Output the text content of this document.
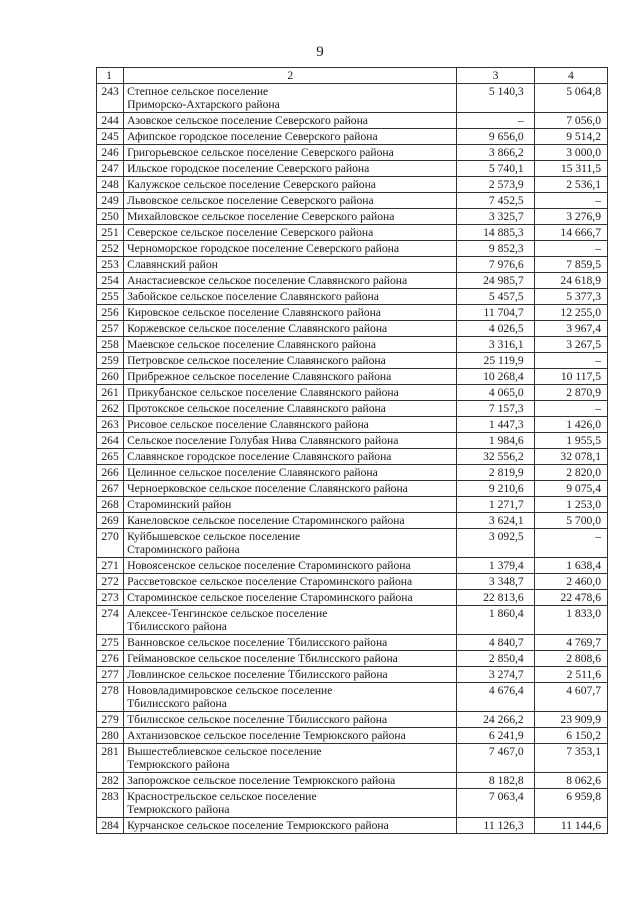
9
1	2	3	4
243	Степное сельское поселение
Приморско-Ахтарского района	5 140,3	5 064,8
244	Азовское сельское поселение Северского района	–	7 056,0
245	Афипское городское поселение Северского района	9 656,0	9 514,2
246	Григорьевское сельское поселение Северского района	3 866,2	3 000,0
247	Ильское городское поселение Северского района	5 740,1	15 311,5
248	Калужское сельское поселение Северского района	2 573,9	2 536,1
249	Львовское сельское поселение Северского района	7 452,5	–
250	Михайловское сельское поселение Северского района	3 325,7	3 276,9
251	Северское сельское поселение Северского района	14 885,3	14 666,7
252	Черноморское городское поселение Северского района	9 852,3	–
253	Славянский район	7 976,6	7 859,5
254	Анастасиевское сельское поселение Славянского района	24 985,7	24 618,9
255	Забойское сельское поселение Славянского района	5 457,5	5 377,3
256	Кировское сельское поселение Славянского района	11 704,7	12 255,0
257	Коржевское сельское поселение Славянского района	4 026,5	3 967,4
258	Маевское сельское поселение Славянского района	3 316,1	3 267,5
259	Петровское сельское поселение Славянского района	25 119,9	–
260	Прибрежное сельское поселение Славянского района	10 268,4	10 117,5
261	Прикубанское сельское поселение Славянского района	4 065,0	2 870,9
262	Протокское сельское поселение Славянского района	7 157,3	–
263	Рисовое сельское поселение Славянского района	1 447,3	1 426,0
264	Сельское поселение Голубая Нива Славянского района	1 984,6	1 955,5
265	Славянское городское поселение Славянского района	32 556,2	32 078,1
266	Целинное сельское поселение Славянского района	2 819,9	2 820,0
267	Черноерковское сельское поселение Славянского района	9 210,6	9 075,4
268	Староминский район	1 271,7	1 253,0
269	Канеловское сельское поселение Староминского района	3 624,1	5 700,0
270	Куйбышевское сельское поселение
Староминского района	3 092,5	–
271	Новоясенское сельское поселение Староминского района	1 379,4	1 638,4
272	Рассветовское сельское поселение Староминского района	3 348,7	2 460,0
273	Староминское сельское поселение Староминского района	22 813,6	22 478,6
274	Алексее-Тенгинское сельское поселение
Тбилисского района	1 860,4	1 833,0
275	Ванновское сельское поселение Тбилисского района	4 840,7	4 769,7
276	Геймановское сельское поселение Тбилисского района	2 850,4	2 808,6
277	Ловлинское сельское поселение Тбилисского района	3 274,7	2 511,6
278	Нововладимировское сельское поселение
Тбилисского района	4 676,4	4 607,7
279	Тбилисское сельское поселение Тбилисского района	24 266,2	23 909,9
280	Ахтанизовское сельское поселение Темрюкского района	6 241,9	6 150,2
281	Вышестеблиевское сельское поселение
Темрюкского района	7 467,0	7 353,1
282	Запорожское сельское поселение Темрюкского района	8 182,8	8 062,6
283	Краснострельское сельское поселение
Темрюкского района	7 063,4	6 959,8
284	Курчанское сельское поселение Темрюкского района	11 126,3	11 144,6
